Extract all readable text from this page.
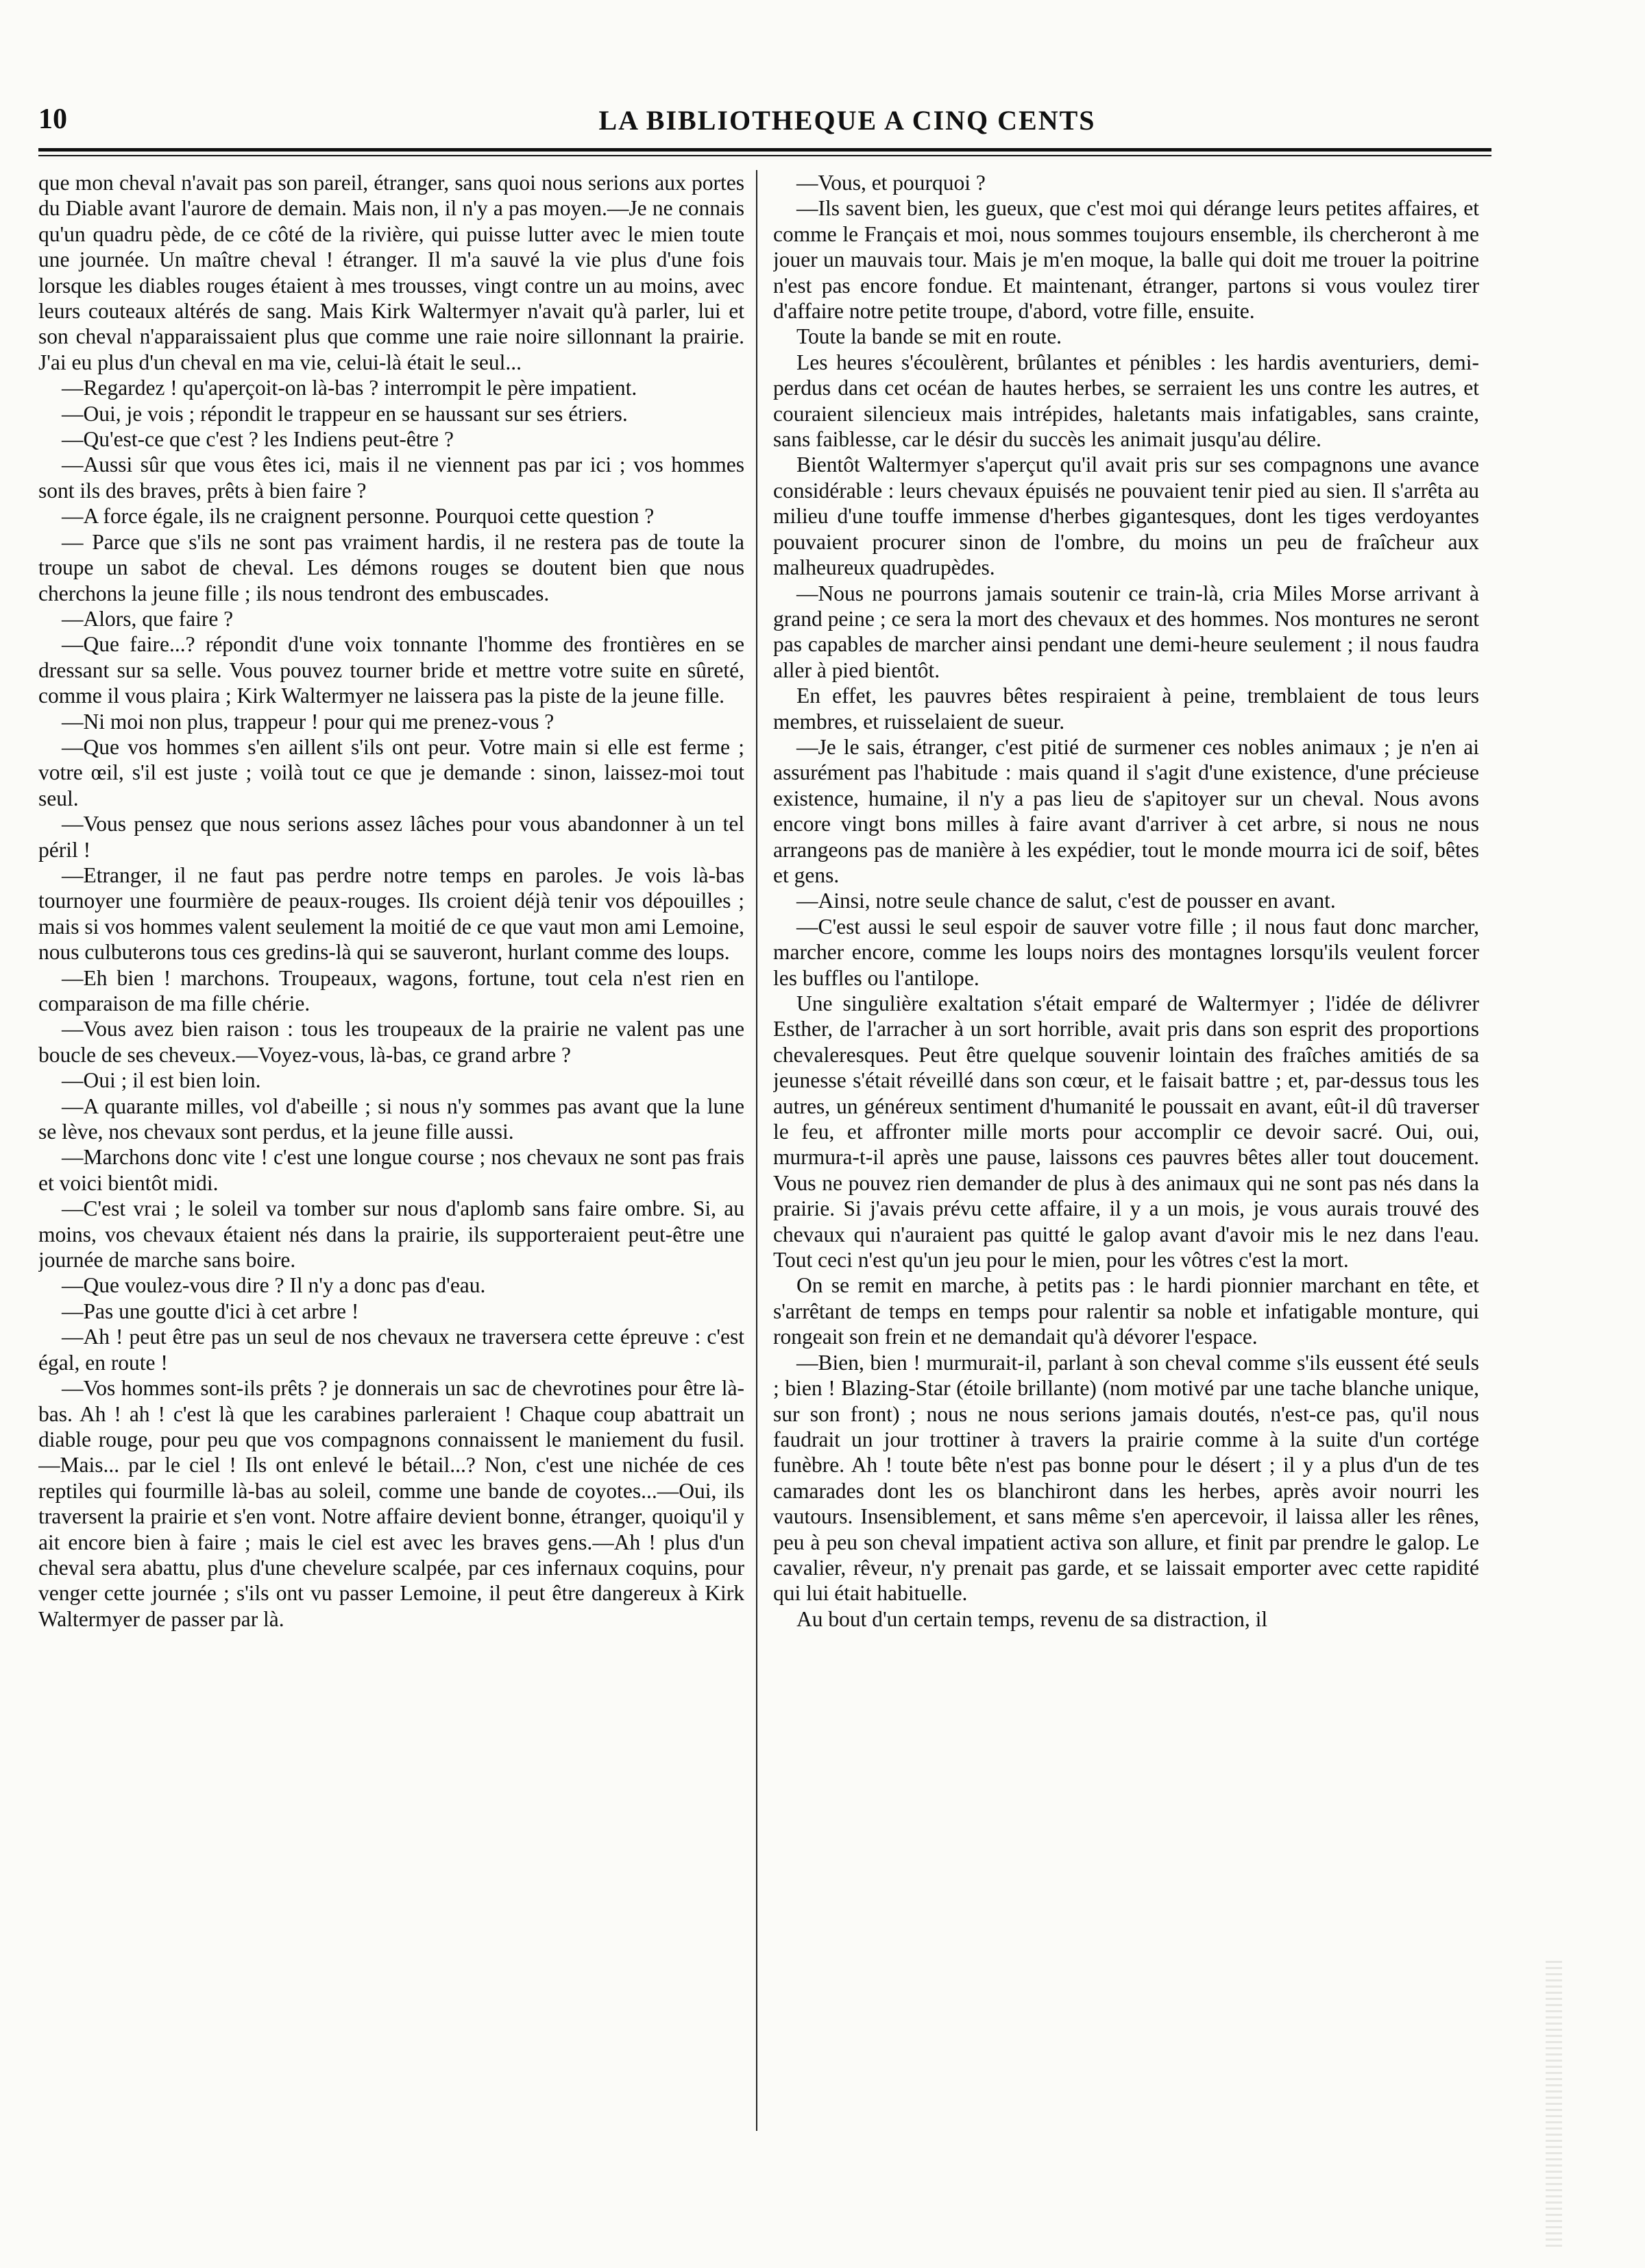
10	LA BIBLIOTHEQUE A CINQ CENTS

que mon cheval n'avait pas son pareil, étranger, sans quoi nous serions aux portes du Diable avant l'aurore de demain. Mais non, il n'y a pas moyen.—Je ne connais qu'un quadru pède, de ce côté de la rivière, qui puisse lutter avec le mien toute une journée. Un maître cheval ! étranger. Il m'a sauvé la vie plus d'une fois lorsque les diables rouges étaient à mes trousses, vingt contre un au moins, avec leurs couteaux altérés de sang. Mais Kirk Waltermyer n'avait qu'à parler, lui et son cheval n'apparaissaient plus que comme une raie noire sillonnant la prairie. J'ai eu plus d'un cheval en ma vie, celui-là était le seul...

—Regardez ! qu'aperçoit-on là-bas ? interrompit le père impatient.

—Oui, je vois ; répondit le trappeur en se haussant sur ses étriers.

—Qu'est-ce que c'est ? les Indiens peut-être ?

—Aussi sûr que vous êtes ici, mais il ne viennent pas par ici ; vos hommes sont ils des braves, prêts à bien faire ?

—A force égale, ils ne craignent personne. Pourquoi cette question ?

— Parce que s'ils ne sont pas vraiment hardis, il ne restera pas de toute la troupe un sabot de cheval. Les démons rouges se doutent bien que nous cherchons la jeune fille ; ils nous tendront des embuscades.

—Alors, que faire ?

—Que faire...? répondit d'une voix tonnante l'homme des frontières en se dressant sur sa selle. Vous pouvez tourner bride et mettre votre suite en sûreté, comme il vous plaira ; Kirk Waltermyer ne laissera pas la piste de la jeune fille.

—Ni moi non plus, trappeur ! pour qui me prenez-vous ?

—Que vos hommes s'en aillent s'ils ont peur. Votre main si elle est ferme ; votre œil, s'il est juste ; voilà tout ce que je demande : sinon, laissez-moi tout seul.

—Vous pensez que nous serions assez lâches pour vous abandonner à un tel péril !

—Etranger, il ne faut pas perdre notre temps en paroles. Je vois là-bas tournoyer une fourmière de peaux-rouges. Ils croient déjà tenir vos dépouilles ; mais si vos hommes valent seulement la moitié de ce que vaut mon ami Lemoine, nous culbuterons tous ces gredins-là qui se sauveront, hurlant comme des loups.

—Eh bien ! marchons. Troupeaux, wagons, fortune, tout cela n'est rien en comparaison de ma fille chérie.

—Vous avez bien raison : tous les troupeaux de la prairie ne valent pas une boucle de ses cheveux.—Voyez-vous, là-bas, ce grand arbre ?

—Oui ; il est bien loin.

—A quarante milles, vol d'abeille ; si nous n'y sommes pas avant que la lune se lève, nos chevaux sont perdus, et la jeune fille aussi.

—Marchons donc vite ! c'est une longue course ; nos chevaux ne sont pas frais et voici bientôt midi.

—C'est vrai ; le soleil va tomber sur nous d'aplomb sans faire ombre. Si, au moins, vos chevaux étaient nés dans la prairie, ils supporteraient peut-être une journée de marche sans boire.

—Que voulez-vous dire ? Il n'y a donc pas d'eau.

—Pas une goutte d'ici à cet arbre !

—Ah ! peut être pas un seul de nos chevaux ne traversera cette épreuve : c'est égal, en route !

—Vos hommes sont-ils prêts ? je donnerais un sac de chevrotines pour être là-bas. Ah ! ah ! c'est là que les carabines parleraient ! Chaque coup abattrait un diable rouge, pour peu que vos compagnons connaissent le maniement du fusil.—Mais... par le ciel ! Ils ont enlevé le bétail...? Non, c'est une nichée de ces reptiles qui fourmille là-bas au soleil, comme une bande de coyotes...—Oui, ils traversent la prairie et s'en vont. Notre affaire devient bonne, étranger, quoiqu'il y ait encore bien à faire ; mais le ciel est avec les braves gens.—Ah ! plus d'un cheval sera abattu, plus d'une chevelure scalpée, par ces infernaux coquins, pour venger cette journée ; s'ils ont vu passer Lemoine, il peut être dangereux à Kirk Waltermyer de passer par là.

—Vous, et pourquoi ?

—Ils savent bien, les gueux, que c'est moi qui dérange leurs petites affaires, et comme le Français et moi, nous sommes toujours ensemble, ils chercheront à me jouer un mauvais tour. Mais je m'en moque, la balle qui doit me trouer la poitrine n'est pas encore fondue. Et maintenant, étranger, partons si vous voulez tirer d'affaire notre petite troupe, d'abord, votre fille, ensuite.

Toute la bande se mit en route.

Les heures s'écoulèrent, brûlantes et pénibles : les hardis aventuriers, demi-perdus dans cet océan de hautes herbes, se serraient les uns contre les autres, et couraient silencieux mais intrépides, haletants mais infatigables, sans crainte, sans faiblesse, car le désir du succès les animait jusqu'au délire.

Bientôt Waltermyer s'aperçut qu'il avait pris sur ses compagnons une avance considérable : leurs chevaux épuisés ne pouvaient tenir pied au sien. Il s'arrêta au milieu d'une touffe immense d'herbes gigantesques, dont les tiges verdoyantes pouvaient procurer sinon de l'ombre, du moins un peu de fraîcheur aux malheureux quadrupèdes.

—Nous ne pourrons jamais soutenir ce train-là, cria Miles Morse arrivant à grand peine ; ce sera la mort des chevaux et des hommes. Nos montures ne seront pas capables de marcher ainsi pendant une demi-heure seulement ; il nous faudra aller à pied bientôt.

En effet, les pauvres bêtes respiraient à peine, tremblaient de tous leurs membres, et ruisselaient de sueur.

—Je le sais, étranger, c'est pitié de surmener ces nobles animaux ; je n'en ai assurément pas l'habitude : mais quand il s'agit d'une existence, d'une précieuse existence, humaine, il n'y a pas lieu de s'apitoyer sur un cheval. Nous avons encore vingt bons milles à faire avant d'arriver à cet arbre, si nous ne nous arrangeons pas de manière à les expédier, tout le monde mourra ici de soif, bêtes et gens.

—Ainsi, notre seule chance de salut, c'est de pousser en avant.

—C'est aussi le seul espoir de sauver votre fille ; il nous faut donc marcher, marcher encore, comme les loups noirs des montagnes lorsqu'ils veulent forcer les buffles ou l'antilope.

Une singulière exaltation s'était emparé de Waltermyer ; l'idée de délivrer Esther, de l'arracher à un sort horrible, avait pris dans son esprit des proportions chevaleresques. Peut être quelque souvenir lointain des fraîches amitiés de sa jeunesse s'était réveillé dans son cœur, et le faisait battre ; et, par-dessus tous les autres, un généreux sentiment d'humanité le poussait en avant, eût-il dû traverser le feu, et affronter mille morts pour accomplir ce devoir sacré. Oui, oui, murmura-t-il après une pause, laissons ces pauvres bêtes aller tout doucement. Vous ne pouvez rien demander de plus à des animaux qui ne sont pas nés dans la prairie. Si j'avais prévu cette affaire, il y a un mois, je vous aurais trouvé des chevaux qui n'auraient pas quitté le galop avant d'avoir mis le nez dans l'eau. Tout ceci n'est qu'un jeu pour le mien, pour les vôtres c'est la mort.

On se remit en marche, à petits pas : le hardi pionnier marchant en tête, et s'arrêtant de temps en temps pour ralentir sa noble et infatigable monture, qui rongeait son frein et ne demandait qu'à dévorer l'espace.

—Bien, bien ! murmurait-il, parlant à son cheval comme s'ils eussent été seuls ; bien ! Blazing-Star (étoile brillante) (nom motivé par une tache blanche unique, sur son front) ; nous ne nous serions jamais doutés, n'est-ce pas, qu'il nous faudrait un jour trottiner à travers la prairie comme à la suite d'un cortége funèbre. Ah ! toute bête n'est pas bonne pour le désert ; il y a plus d'un de tes camarades dont les os blanchiront dans les herbes, après avoir nourri les vautours. Insensiblement, et sans même s'en apercevoir, il laissa aller les rênes, peu à peu son cheval impatient activa son allure, et finit par prendre le galop. Le cavalier, rêveur, n'y prenait pas garde, et se laissait emporter avec cette rapidité qui lui était habituelle.

Au bout d'un certain temps, revenu de sa distraction, il
